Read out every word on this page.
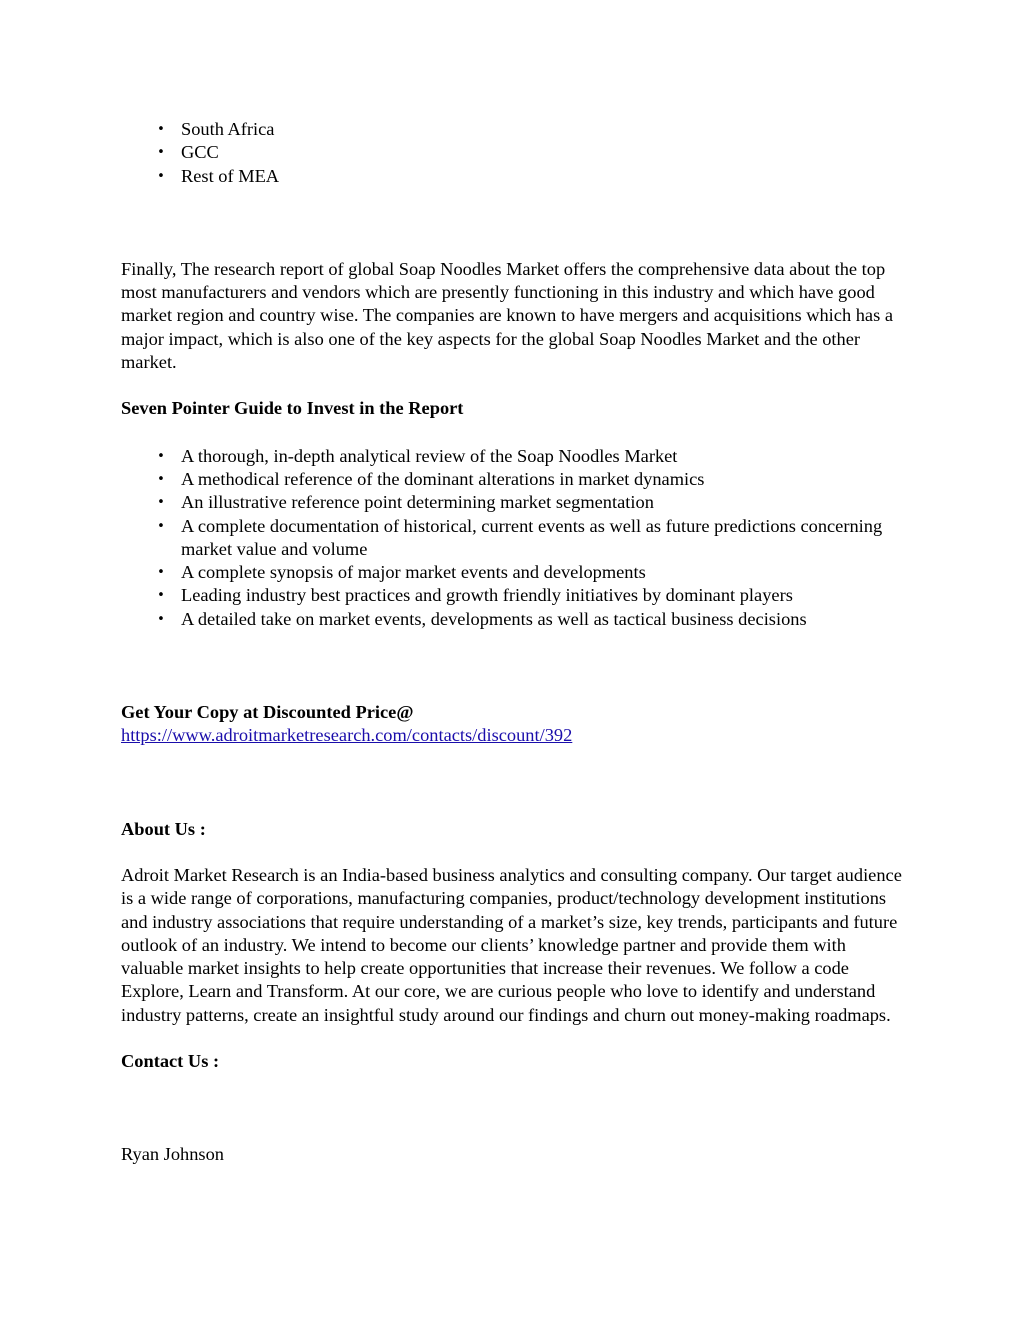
• South Africa
• GCC
• Rest of MEA

Finally, The research report of global Soap Noodles Market offers the comprehensive data about the top most manufacturers and vendors which are presently functioning in this industry and which have good market region and country wise. The companies are known to have mergers and acquisitions which has a major impact, which is also one of the key aspects for the global Soap Noodles Market and the other market.

Seven Pointer Guide to Invest in the Report

• A thorough, in-depth analytical review of the Soap Noodles Market
• A methodical reference of the dominant alterations in market dynamics
• An illustrative reference point determining market segmentation
• A complete documentation of historical, current events as well as future predictions concerning market value and volume
• A complete synopsis of major market events and developments
• Leading industry best practices and growth friendly initiatives by dominant players
• A detailed take on market events, developments as well as tactical business decisions

Get Your Copy at Discounted Price@

https://www.adroitmarketresearch.com/contacts/discount/392

About Us :

Adroit Market Research is an India-based business analytics and consulting company. Our target audience is a wide range of corporations, manufacturing companies, product/technology development institutions and industry associations that require understanding of a market’s size, key trends, participants and future outlook of an industry. We intend to become our clients’ knowledge partner and provide them with valuable market insights to help create opportunities that increase their revenues. We follow a code Explore, Learn and Transform. At our core, we are curious people who love to identify and understand industry patterns, create an insightful study around our findings and churn out money-making roadmaps.

Contact Us :

Ryan Johnson
